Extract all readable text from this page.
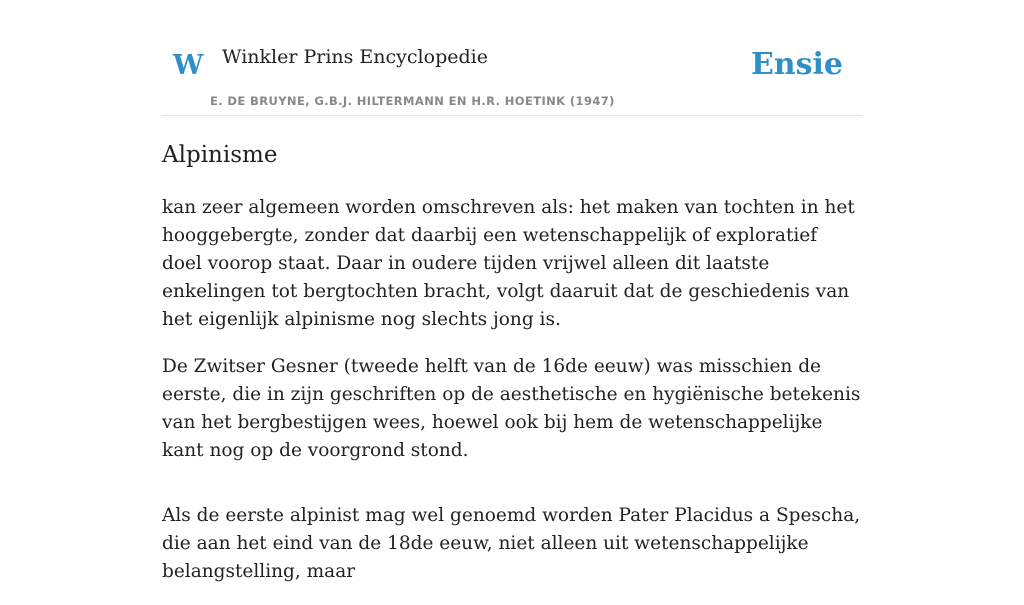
W Winkler Prins Encyclopedie
E. DE BRUYNE, G.B.J. HILTERMANN EN H.R. HOETINK (1947)
Ensie
Alpinisme

kan zeer algemeen worden omschreven als: het maken van tochten in het hooggebergte, zonder dat daarbij een wetenschappelijk of exploratief doel voorop staat. Daar in oudere tijden vrijwel alleen dit laatste enkelingen tot bergtochten bracht, volgt daaruit dat de geschiedenis van het eigenlijk alpinisme nog slechts jong is.

De Zwitser Gesner (tweede helft van de 16de eeuw) was misschien de eerste, die in zijn geschriften op de aesthetische en hygiënische betekenis van het bergbestijgen wees, hoewel ook bij hem de wetenschappelijke kant nog op de voorgrond stond.

Als de eerste alpinist mag wel genoemd worden Pater Placidus a Spescha, die aan het eind van de 18de eeuw, niet alleen uit wetenschappelijke belangstelling, maar
